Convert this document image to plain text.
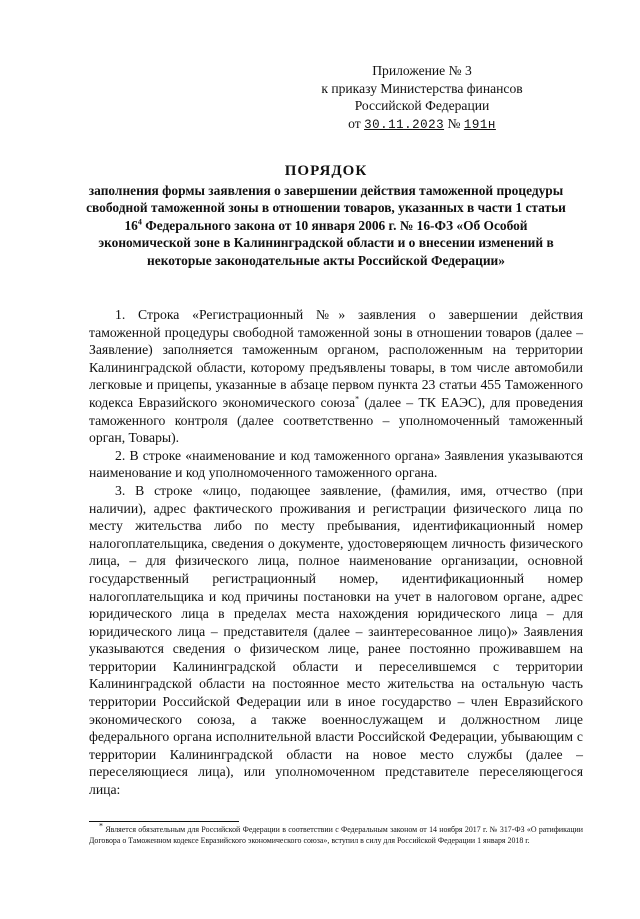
Приложение № 3
к приказу Министерства финансов
Российской Федерации
от 30.11.2023 № 191н
ПОРЯДОК
заполнения формы заявления о завершении действия таможенной процедуры свободной таможенной зоны в отношении товаров, указанных в части 1 статьи $16^4$ Федерального закона от 10 января 2006 г. № 16-ФЗ «Об Особой экономической зоне в Калининградской области и о внесении изменений в некоторые законодательные акты Российской Федерации»

1. Строка «Регистрационный №» заявления о завершении действия таможенной процедуры свободной таможенной зоны в отношении товаров (далее – Заявление) заполняется таможенным органом, расположенным на территории Калининградской области, которому предъявлены товары, в том числе автомобили легковые и прицепы, указанные в абзаце первом пункта 23 статьи 455 Таможенного кодекса Евразийского экономического союза* (далее – ТК ЕАЭС), для проведения таможенного контроля (далее соответственно – уполномоченный таможенный орган, Товары).

2. В строке «наименование и код таможенного органа» Заявления указываются наименование и код уполномоченного таможенного органа.

3. В строке «лицо, подающее заявление, (фамилия, имя, отчество (при наличии), адрес фактического проживания и регистрации физического лица по месту жительства либо по месту пребывания, идентификационный номер налогоплательщика, сведения о документе, удостоверяющем личность физического лица, – для физического лица, полное наименование организации, основной государственный регистрационный номер, идентификационный номер налогоплательщика и код причины постановки на учет в налоговом органе, адрес юридического лица в пределах места нахождения юридического лица – для юридического лица – представителя (далее – заинтересованное лицо)» Заявления указываются сведения о физическом лице, ранее постоянно проживавшем на территории Калининградской области и переселившемся с территории Калининградской области на постоянное место жительства на остальную часть территории Российской Федерации или в иное государство – член Евразийского экономического союза, а также военнослужащем и должностном лице федерального органа исполнительной власти Российской Федерации, убывающим с территории Калининградской области на новое место службы (далее – переселяющиеся лица), или уполномоченном представителе переселяющегося лица:

* Является обязательным для Российской Федерации в соответствии с Федеральным законом от 14 ноября 2017 г. № 317-ФЗ «О ратификации Договора о Таможенном кодексе Евразийского экономического союза», вступил в силу для Российской Федерации 1 января 2018 г.
